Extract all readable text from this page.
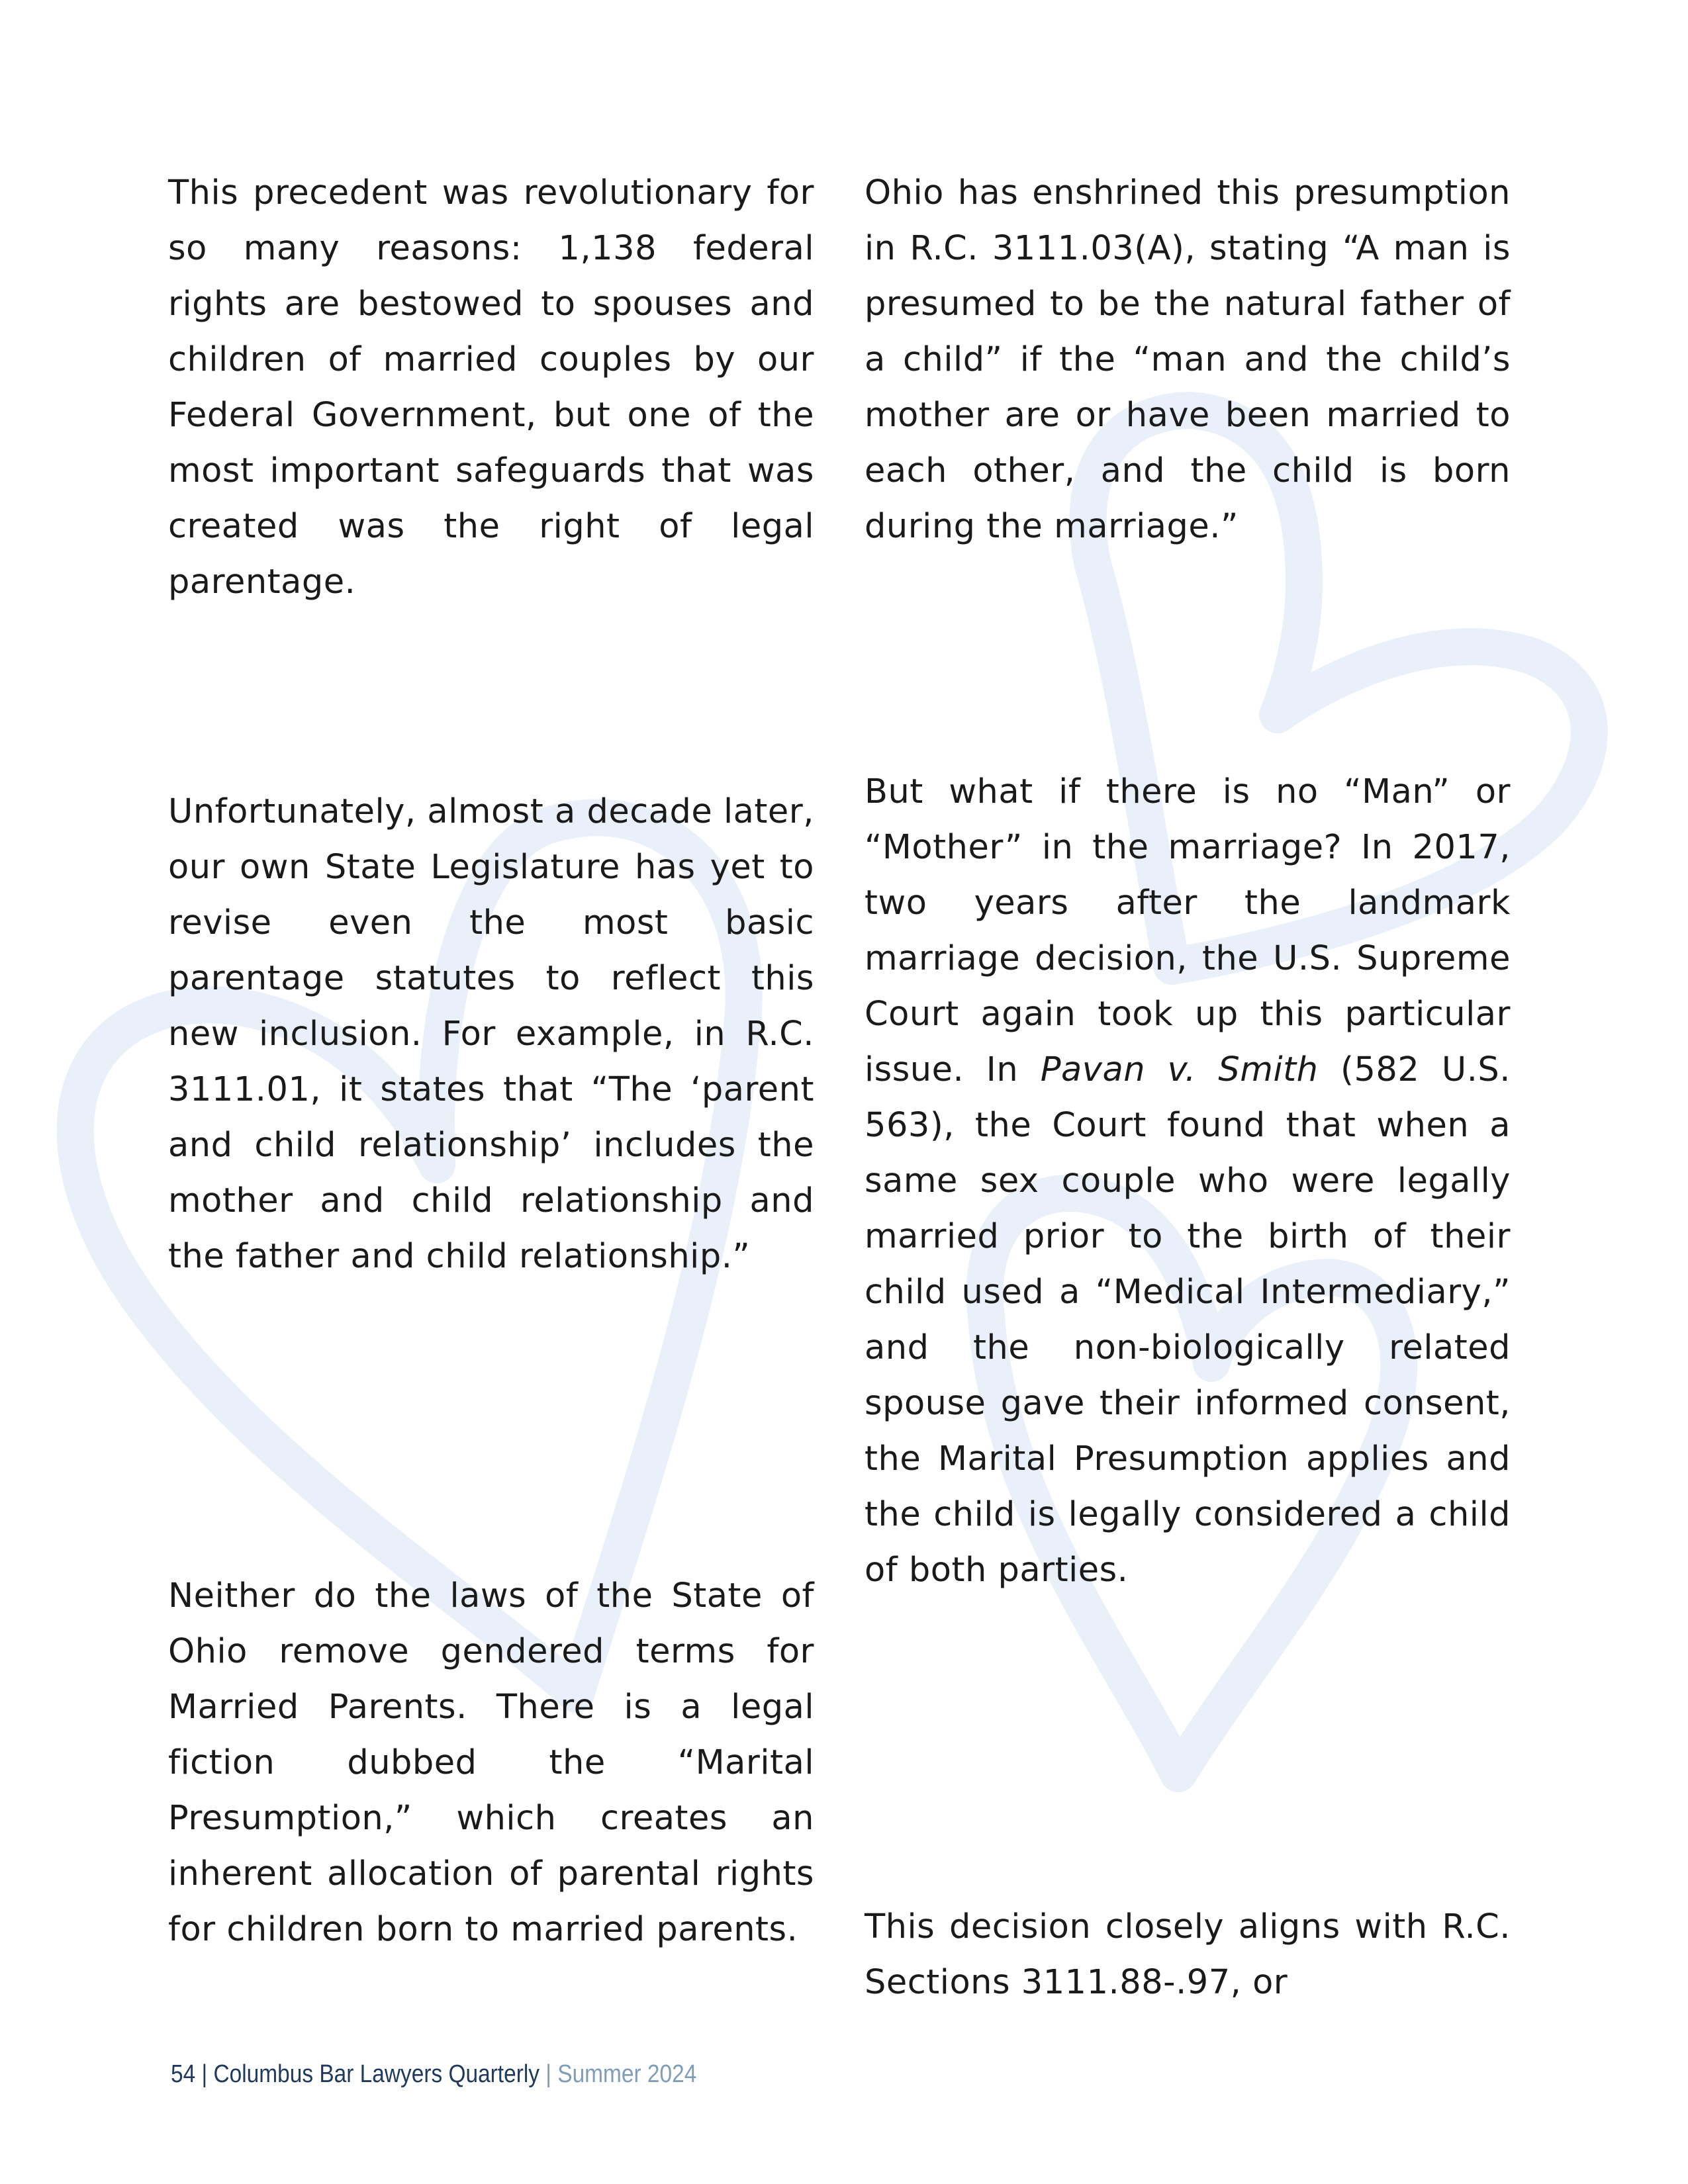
This precedent was revolutionary for so many reasons: 1,138 federal rights are bestowed to spouses and children of married couples by our Federal Government, but one of the most important safeguards that was created was the right of legal parentage.

Unfortunately, almost a decade later, our own State Legislature has yet to revise even the most basic parentage statutes to reflect this new inclusion. For example, in R.C. 3111.01, it states that “The ‘parent and child relationship’ includes the mother and child relationship and the father and child relationship.”

Neither do the laws of the State of Ohio remove gendered terms for Married Parents. There is a legal fiction dubbed the “Marital Presumption,” which creates an inherent allocation of parental rights for children born to married parents.

Ohio has enshrined this presumption in R.C. 3111.03(A), stating “A man is presumed to be the natural father of a child” if the “man and the child’s mother are or have been married to each other, and the child is born during the marriage.”

But what if there is no “Man” or “Mother” in the marriage? In 2017, two years after the landmark marriage decision, the U.S. Supreme Court again took up this particular issue. In Pavan v. Smith (582 U.S. 563), the Court found that when a same sex couple who were legally married prior to the birth of their child used a “Medical Intermediary,” and the non-biologically related spouse gave their informed consent, the Marital Presumption applies and the child is legally considered a child of both parties.

This decision closely aligns with R.C. Sections 3111.88-.97, or

54 | Columbus Bar Lawyers Quarterly | Summer 2024
